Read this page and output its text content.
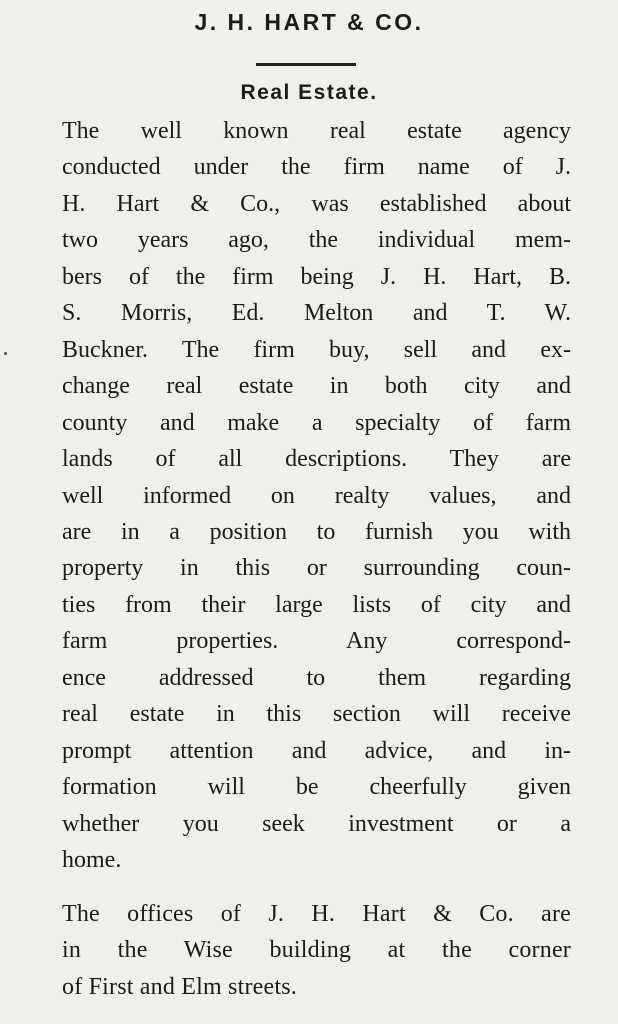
J. H. HART & CO.
Real Estate.
The well known real estate agency
conducted under the firm name of J.
H. Hart & Co., was established about
two years ago, the individual mem-
bers of the firm being J. H. Hart, B.
S. Morris, Ed. Melton and T. W.
Buckner. The firm buy, sell and ex-
change real estate in both city and
county and make a specialty of farm
lands of all descriptions. They are
well informed on realty values, and
are in a position to furnish you with
property in this or surrounding coun-
ties from their large lists of city and
farm properties. Any correspond-
ence addressed to them regarding
real estate in this section will receive
prompt attention and advice, and in-
formation will be cheerfully given
whether you seek investment or a
home.
The offices of J. H. Hart & Co. are
in the Wise building at the corner
of First and Elm streets.
